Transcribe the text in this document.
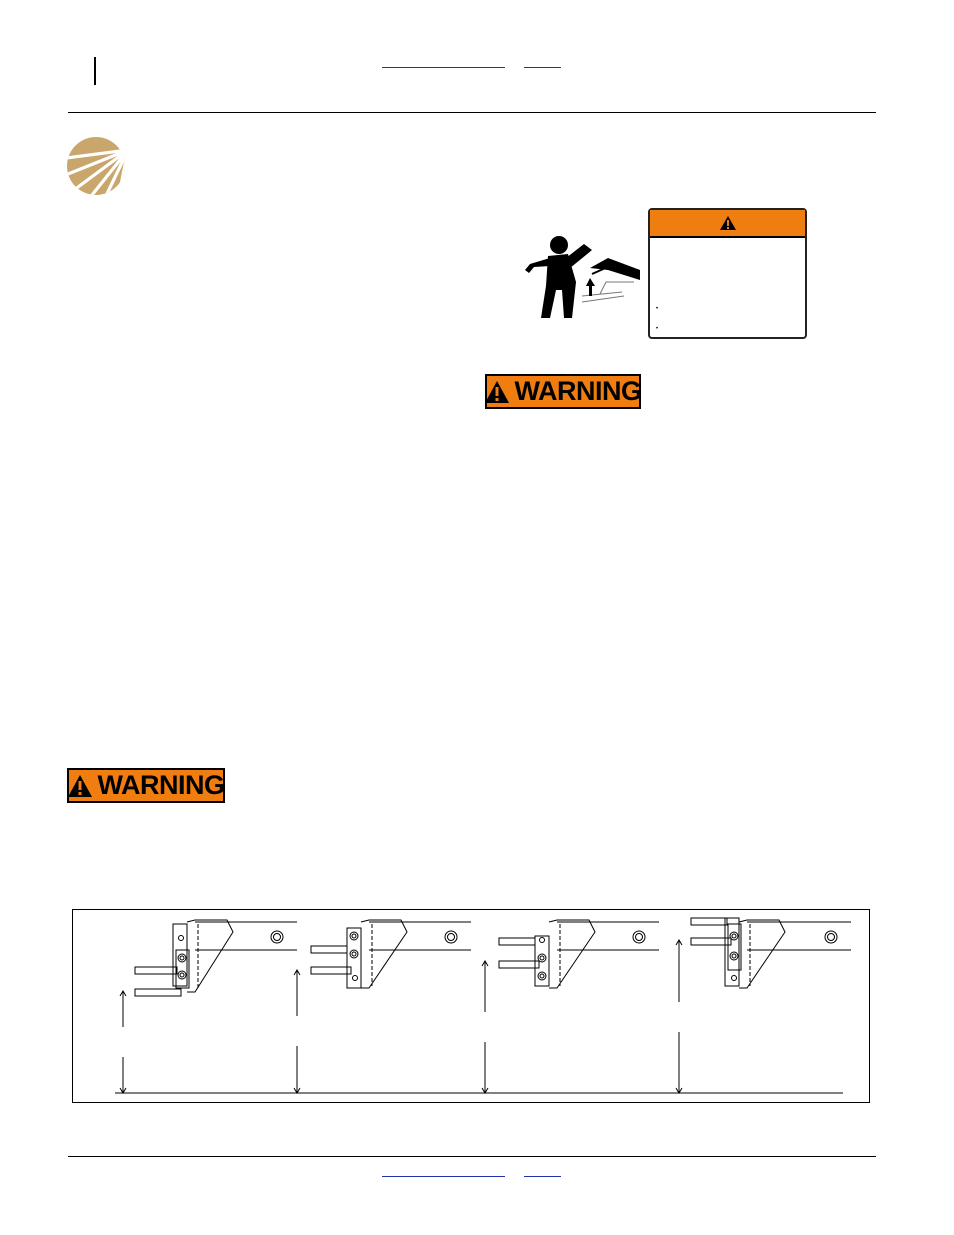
•
•
WARNING
WARNING
